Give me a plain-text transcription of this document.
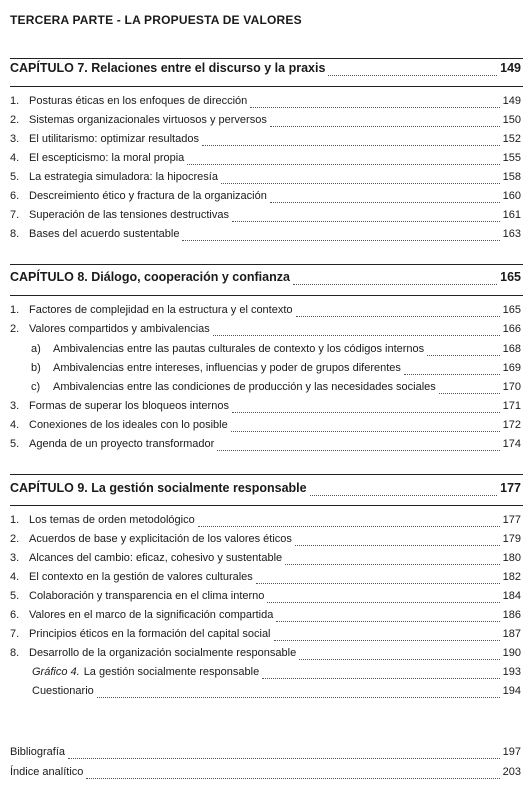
TERCERA PARTE - LA PROPUESTA DE VALORES
CAPÍTULO 7. Relaciones entre el discurso y la praxis	149
1. Posturas éticas en los enfoques de dirección	149
2. Sistemas organizacionales virtuosos y perversos	150
3. El utilitarismo: optimizar resultados	152
4. El escepticismo: la moral propia	155
5. La estrategia simuladora: la hipocresía	158
6. Descreimiento ético y fractura de la organización	160
7. Superación de las tensiones destructivas	161
8. Bases del acuerdo sustentable	163
CAPÍTULO 8. Diálogo, cooperación y confianza	165
1. Factores de complejidad en la estructura y el contexto	165
2. Valores compartidos y ambivalencias	166
a)	Ambivalencias entre las pautas culturales de contexto y los códigos internos	168
b)	Ambivalencias entre intereses, influencias y poder de grupos diferentes	169
c)	Ambivalencias entre las condiciones de producción y las necesidades sociales	170
3. Formas de superar los bloqueos internos	171
4. Conexiones de los ideales con lo posible	172
5. Agenda de un proyecto transformador	174
CAPÍTULO 9. La gestión socialmente responsable	177
1. Los temas de orden metodológico	177
2. Acuerdos de base y explicitación de los valores éticos	179
3. Alcances del cambio: eficaz, cohesivo y sustentable	180
4. El contexto en la gestión de valores culturales	182
5. Colaboración y transparencia en el clima interno	184
6. Valores en el marco de la significación compartida	186
7. Principios éticos en la formación del capital social	187
8. Desarrollo de la organización socialmente responsable	190
Gráfico 4. La gestión socialmente responsable	193
Cuestionario	194
Bibliografía	197
Índice analítico	203
